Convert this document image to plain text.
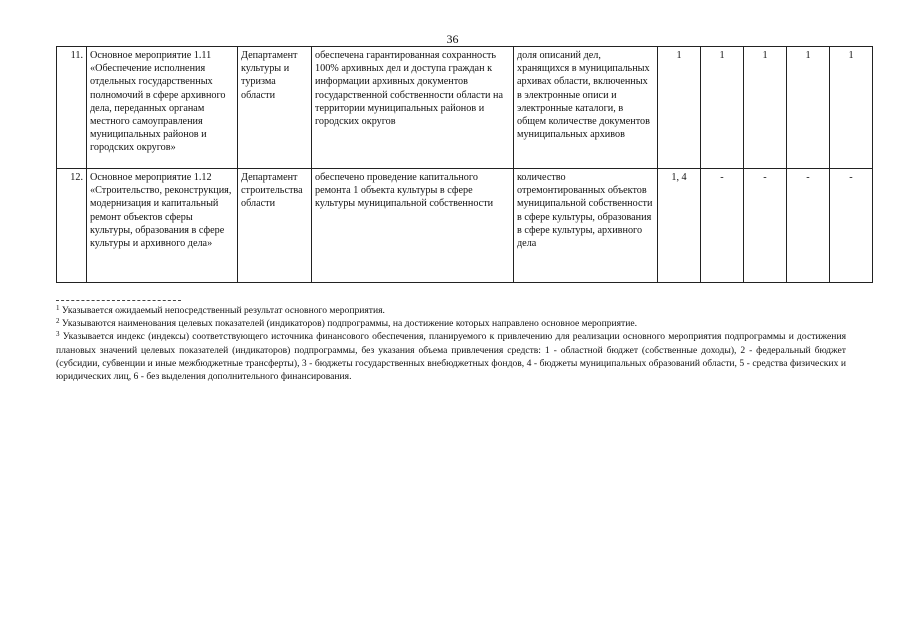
36
11.	Основное мероприятие 1.11 «Обеспечение исполнения отдельных государственных полномочий в сфере архивного дела, переданных органам местного самоуправления муниципальных районов и городских округов»	Департамент культуры и туризма области	обеспечена гарантированная сохранность 100% архивных дел и доступа граждан к информации архивных документов государственной собственности области на территории муниципальных районов и городских округов	доля описаний дел, хранящихся в муниципальных архивах области, включенных в электронные описи и электронные каталоги, в общем количестве документов муниципальных архивов	1	1	1	1	1
12.	Основное мероприятие 1.12 «Строительство, реконструкция, модернизация и капитальный ремонт объектов сферы культуры, образования в сфере культуры и архивного дела»	Департамент строительства области	обеспечено проведение капитального ремонта 1 объекта культуры в сфере культуры муниципальной собственности	количество отремонтированных объектов муниципальной собственности в сфере культуры, образования в сфере культуры, архивного дела	1, 4	-	-	-	-

$^1$ Указывается ожидаемый непосредственный результат основного мероприятия.

$^2$ Указываются наименования целевых показателей (индикаторов) подпрограммы, на достижение которых направлено основное мероприятие.

$^3$ Указывается индекс (индексы) соответствующего источника финансового обеспечения, планируемого к привлечению для реализации основного мероприятия подпрограммы и достижения плановых значений целевых показателей (индикаторов) подпрограммы, без указания объема привлечения средств: 1 - областной бюджет (собственные доходы), 2 - федеральный бюджет (субсидии, субвенции и иные межбюджетные трансферты), 3 - бюджеты государственных внебюджетных фондов, 4 - бюджеты муниципальных образований области, 5 - средства физических и юридических лиц, 6 - без выделения дополнительного финансирования.
